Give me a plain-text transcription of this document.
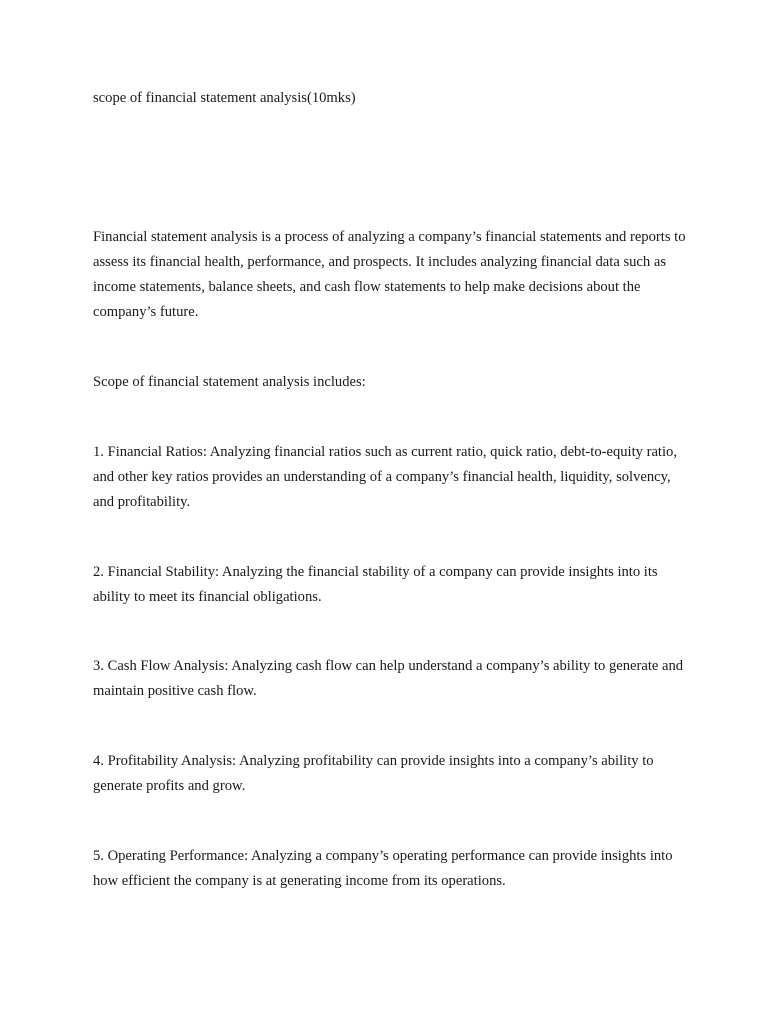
scope of financial statement analysis(10mks)

Financial statement analysis is a process of analyzing a company’s financial statements and reports to assess its financial health, performance, and prospects. It includes analyzing financial data such as income statements, balance sheets, and cash flow statements to help make decisions about the company’s future.

Scope of financial statement analysis includes:

1. Financial Ratios: Analyzing financial ratios such as current ratio, quick ratio, debt-to-equity ratio, and other key ratios provides an understanding of a company’s financial health, liquidity, solvency, and profitability.

2. Financial Stability: Analyzing the financial stability of a company can provide insights into its ability to meet its financial obligations.

3. Cash Flow Analysis: Analyzing cash flow can help understand a company’s ability to generate and maintain positive cash flow.

4. Profitability Analysis: Analyzing profitability can provide insights into a company’s ability to generate profits and grow.

5. Operating Performance: Analyzing a company’s operating performance can provide insights into how efficient the company is at generating income from its operations.
